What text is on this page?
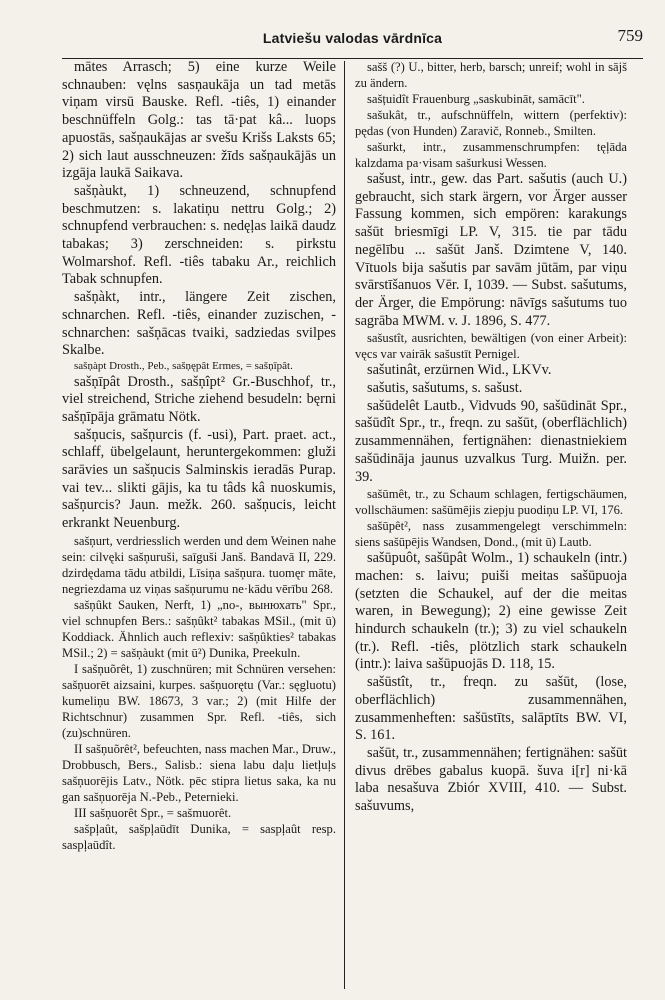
Latviešu valodas vārdnīca	759

mātes Arrasch; 5) eine kurze Weile schnauben: vęlns sasņaukāja un tad metās viņam virsū Bauske. Refl. -tiês, 1) einander beschnüffeln Golg.: tas tā·pat kâ... luops apuostās, sašņaukājas ar svešu Krišs Laksts 65; 2) sich laut ausschneuzen: žīds sašņaukājās un izgāja laukā Saikava.

sašņàukt, 1) schneuzend, schnupfend beschmutzen: s. lakatiņu nettru Golg.; 2) schnupfend verbrauchen: s. nedęļas laikā daudz tabakas; 3) zerschneiden: s. pirkstu Wolmarshof. Refl. -tiês tabaku Ar., reichlich Tabak schnupfen.

sašņàkt, intr., längere Zeit zischen, schnarchen. Refl. -tiês, einander zuzischen, -schnarchen: sašņācas tvaiki, sadziedas svilpes Skalbe.

sašņàpt Drosth., Peb., sašņępât Ermes, = sašņīpât.

sašņīpât Drosth., sašņîpt² Gr.-Buschhof, tr., viel streichend, Striche ziehend besudeln: bęrni sašņīpāja grāmatu Nötk.

sašņucis, sašņurcis (f. -usi), Part. praet. act., schlaff, übelgelaunt, heruntergekommen: gluži sarāvies un sašņucis Salminskis ieradās Purap. vai tev... slikti gājis, ka tu tâds kâ nuoskumis, sašņurcis? Jaun. mežk. 260. sašņucis, leicht erkrankt Neuenburg.

sašņurt, verdriesslich werden und dem Weinen nahe sein: cilvęki sašņuruši, saīguši Janš. Bandavā II, 229. dzirdędama tādu atbildi, Līsiņa sašņura. tuomęr māte, negriezdama uz viņas sašņurumu ne·kādu vērību 268.

sašņûkt Sauken, Nerft, 1) „no-, вынюхать" Spr., viel schnupfen Bers.: sašņûkt² tabakas MSil., (mit ū) Koddiack. Ähnlich auch reflexiv: sašņûkties² tabakas MSil.; 2) = sašņàukt (mit ū²) Dunika, Preekuln.

I sašņuõrêt, 1) zuschnüren; mit Schnüren versehen: sašņuorēt aizsaini, kurpes. sašņuorętu (Var.: sęgluotu) kumeliņu BW. 18673, 3 var.; 2) (mit Hilfe der Richtschnur) zusammen Spr. Refl. -tiês, sich (zu)schnüren.

II sašņuõrêt², befeuchten, nass machen Mar., Druw., Drobbusch, Bers., Salisb.: siena labu daļu lietļuļs sašņuorējis Latv., Nötk. pēc stipra lietus saka, ka nu gan sašņuorēja N.-Peb., Peterniekі.

III sašņuorêt Spr., = sašmuorêt.

sašpļaût, sašpļaūdīt Dunika, = saspļaût resp. saspļaūdît.

sašš (?) U., bitter, herb, barsch; unreif; wohl in sājš zu ändern.

sašțuidît Frauenburg „saskubināt, samācīt".

sašukât, tr., aufschnüffeln, wittern (perfektiv): pędas (von Hunden) Zaravič, Ronneb., Smilten.

sašurkt, intr., zusammenschrumpfen: tęļāda kalzdama pa·visam sašurkusi Wessen.

sašust, intr., gew. das Part. sašutis (auch U.) gebraucht, sich stark ärgern, vor Ärger ausser Fassung kommen, sich empören: karakungs sašūt briesmīgi LP. V, 315. tie par tādu negēlību ... sašūt Janš. Dzimtene V, 140. Vītuols bija sašutis par savām jūtām, par viņu svārstīšanuos Vēr. I, 1039. — Subst. sašutums, der Ärger, die Empörung: nāvīgs sašutums tuo sagrāba MWM. v. J. 1896, S. 477.

sašustît, ausrichten, bewältigen (von einer Arbeit): vęcs var vairāk sašustīt Pernigel.

sašutinât, erzürnen Wid., LKVv.

sašutis, sašutums, s. sašust.

sašūdelêt Lautb., Vidvuds 90, sašūdināt Spr., sašūdît Spr., tr., freqn. zu sašūt, (oberflächlich) zusammennähen, fertignähen: dienastniekiem sašūdināja jaunus uzvalkus Turg. Muižn. per. 39.

sašūmêt, tr., zu Schaum schlagen, fertigschäumen, vollschäumen: sašūmējis ziepju puodiņu LP. VI, 176.

sašūpêt², nass zusammengelegt verschimmeln: siens sašūpējis Wandsen, Dond., (mit ū) Lautb.

sašūpuôt, sašūpât Wolm., 1) schaukeln (intr.) machen: s. laivu; puiši meitas sašūpuoja (setzten die Schaukel, auf der die meitas waren, in Bewegung); 2) eine gewisse Zeit hindurch schaukeln (tr.); 3) zu viel schaukeln (tr.). Refl. -tiês, plötzlich stark schaukeln (intr.): laiva sašūpuojās D. 118, 15.

sašūstît, tr., freqn. zu sašūt, (lose, oberflächlich) zusammennähen, zusammenheften: sašūstīts, salāptīts BW. VI, S. 161.

sašūt, tr., zusammennähen; fertignähen: sašūt divus drēbes gabalus kuopā. šuva i[r] ni·kā laba nesašuva Zbiór XVIII, 410. — Subst. sašuvums,
